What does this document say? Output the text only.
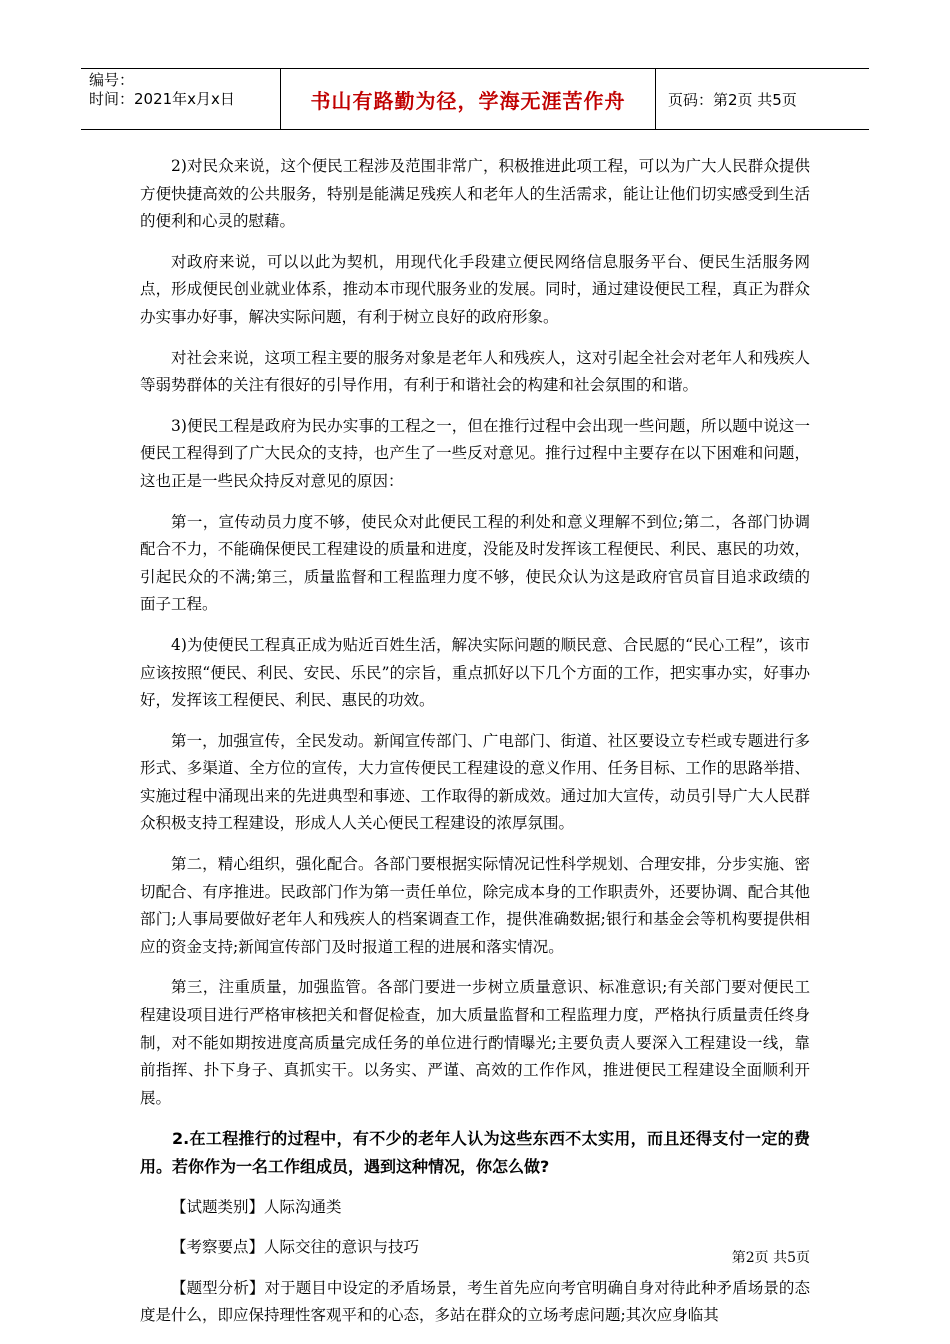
编号：
时间：2021年x月x日	书山有路勤为径，学海无涯苦作舟	页码：第2页 共5页

2)对民众来说，这个便民工程涉及范围非常广，积极推进此项工程，可以为广大人民群众提供方便快捷高效的公共服务，特别是能满足残疾人和老年人的生活需求，能让让他们切实感受到生活的便利和心灵的慰藉。

对政府来说，可以以此为契机，用现代化手段建立便民网络信息服务平台、便民生活服务网点，形成便民创业就业体系，推动本市现代服务业的发展。同时，通过建设便民工程，真正为群众办实事办好事，解决实际问题，有利于树立良好的政府形象。

对社会来说，这项工程主要的服务对象是老年人和残疾人，这对引起全社会对老年人和残疾人等弱势群体的关注有很好的引导作用，有利于和谐社会的构建和社会氛围的和谐。

3)便民工程是政府为民办实事的工程之一，但在推行过程中会出现一些问题，所以题中说这一便民工程得到了广大民众的支持，也产生了一些反对意见。推行过程中主要存在以下困难和问题，这也正是一些民众持反对意见的原因：

第一，宣传动员力度不够，使民众对此便民工程的利处和意义理解不到位;第二，各部门协调配合不力，不能确保便民工程建设的质量和进度，没能及时发挥该工程便民、利民、惠民的功效，引起民众的不满;第三，质量监督和工程监理力度不够，使民众认为这是政府官员盲目追求政绩的面子工程。

4)为使便民工程真正成为贴近百姓生活，解决实际问题的顺民意、合民愿的“民心工程”，该市应该按照“便民、利民、安民、乐民”的宗旨，重点抓好以下几个方面的工作，把实事办实，好事办好，发挥该工程便民、利民、惠民的功效。

第一，加强宣传，全民发动。新闻宣传部门、广电部门、街道、社区要设立专栏或专题进行多形式、多渠道、全方位的宣传，大力宣传便民工程建设的意义作用、任务目标、工作的思路举措、实施过程中涌现出来的先进典型和事迹、工作取得的新成效。通过加大宣传，动员引导广大人民群众积极支持工程建设，形成人人关心便民工程建设的浓厚氛围。

第二，精心组织，强化配合。各部门要根据实际情况记性科学规划、合理安排，分步实施、密切配合、有序推进。民政部门作为第一责任单位，除完成本身的工作职责外，还要协调、配合其他部门;人事局要做好老年人和残疾人的档案调查工作，提供准确数据;银行和基金会等机构要提供相应的资金支持;新闻宣传部门及时报道工程的进展和落实情况。

第三，注重质量，加强监管。各部门要进一步树立质量意识、标准意识;有关部门要对便民工程建设项目进行严格审核把关和督促检查，加大质量监督和工程监理力度，严格执行质量责任终身制，对不能如期按进度高质量完成任务的单位进行酌情曝光;主要负责人要深入工程建设一线，靠前指挥、扑下身子、真抓实干。以务实、严谨、高效的工作作风，推进便民工程建设全面顺利开展。

2.在工程推行的过程中，有不少的老年人认为这些东西不太实用，而且还得支付一定的费用。若你作为一名工作组成员，遇到这种情况，你怎么做?

【试题类别】人际沟通类

【考察要点】人际交往的意识与技巧

【题型分析】对于题目中设定的矛盾场景，考生首先应向考官明确自身对待此种矛盾场景的态度是什么，即应保持理性客观平和的心态，多站在群众的立场考虑问题;其次应身临其

第2页 共5页
